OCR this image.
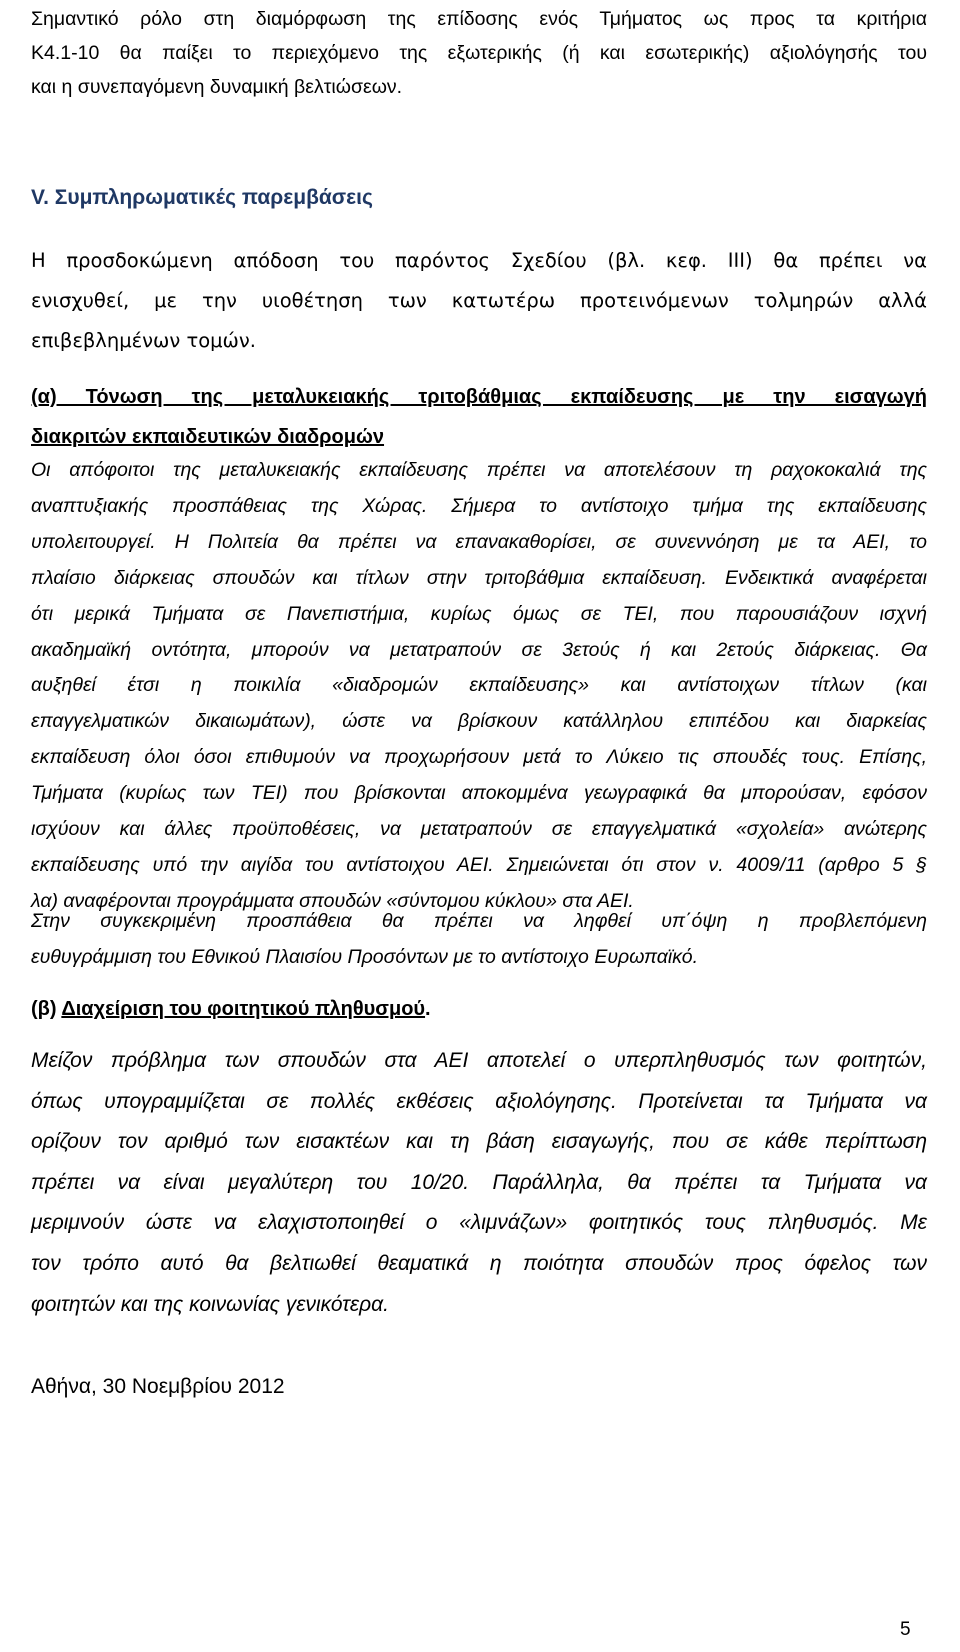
Σημαντικό ρόλο στη διαμόρφωση της επίδοσης ενός Τμήματος ως προς τα κριτήρια
Κ4.1-10 θα παίξει το περιεχόμενο της εξωτερικής (ή και εσωτερικής) αξιολόγησής του
και η συνεπαγόμενη δυναμική βελτιώσεων.
V. Συμπληρωματικές παρεμβάσεις
Η προσδοκώμενη απόδοση του παρόντος Σχεδίου (βλ. κεφ. ΙΙΙ) θα πρέπει να
ενισχυθεί, με την υιοθέτηση των κατωτέρω προτεινόμενων τολμηρών αλλά
επιβεβλημένων τομών.
(α) Τόνωση της μεταλυκειακής τριτοβάθμιας εκπαίδευσης με την εισαγωγή
διακριτών εκπαιδευτικών διαδρομών
Οι απόφοιτοι της μεταλυκειακής εκπαίδευσης πρέπει να αποτελέσουν τη ραχοκοκαλιά της
αναπτυξιακής προσπάθειας της Χώρας. Σήμερα το αντίστοιχο τμήμα της εκπαίδευσης
υπολειτουργεί. Η Πολιτεία θα πρέπει να επανακαθορίσει, σε συνεννόηση με τα ΑΕΙ, το
πλαίσιο διάρκειας σπουδών και τίτλων στην τριτοβάθμια εκπαίδευση. Ενδεικτικά αναφέρεται
ότι μερικά Τμήματα σε Πανεπιστήμια, κυρίως όμως σε ΤΕΙ, που παρουσιάζουν ισχνή
ακαδημαϊκή οντότητα, μπορούν να μετατραπούν σε 3ετούς ή και 2ετούς διάρκειας. Θα
αυξηθεί έτσι η ποικιλία «διαδρομών εκπαίδευσης» και αντίστοιχων τίτλων (και
επαγγελματικών δικαιωμάτων), ώστε να βρίσκουν κατάλληλου επιπέδου και διαρκείας
εκπαίδευση όλοι όσοι επιθυμούν να προχωρήσουν μετά το Λύκειο τις σπουδές τους. Επίσης,
Τμήματα (κυρίως των ΤΕΙ) που βρίσκονται αποκομμένα γεωγραφικά θα μπορούσαν, εφόσον
ισχύουν και άλλες προϋποθέσεις, να μετατραπούν σε επαγγελματικά «σχολεία» ανώτερης
εκπαίδευσης υπό την αιγίδα του αντίστοιχου ΑΕΙ. Σημειώνεται ότι στον ν. 4009/11 (αρθρο 5 §
λα) αναφέρονται προγράμματα σπουδών «σύντομου κύκλου» στα ΑΕΙ.
Στην συγκεκριμένη προσπάθεια θα πρέπει να ληφθεί υπ΄όψη η προβλεπόμενη
ευθυγράμμιση του Εθνικού Πλαισίου Προσόντων με το αντίστοιχο Ευρωπαϊκό.
(β) Διαχείριση του φοιτητικού πληθυσμού.
Μείζον πρόβλημα των σπουδών στα ΑΕΙ αποτελεί ο υπερπληθυσμός των φοιτητών,
όπως υπογραμμίζεται σε πολλές εκθέσεις αξιολόγησης. Προτείνεται τα Τμήματα να
ορίζουν τον αριθμό των εισακτέων και τη βάση εισαγωγής, που σε κάθε περίπτωση
πρέπει να είναι μεγαλύτερη του 10/20. Παράλληλα, θα πρέπει τα Τμήματα να
μεριμνούν ώστε να ελαχιστοποιηθεί ο «λιμνάζων» φοιτητικός τους πληθυσμός. Με
τον τρόπο αυτό θα βελτιωθεί θεαματικά η ποιότητα σπουδών προς όφελος των
φοιτητών και της κοινωνίας γενικότερα.

Αθήνα, 30 Νοεμβρίου 2012

5
